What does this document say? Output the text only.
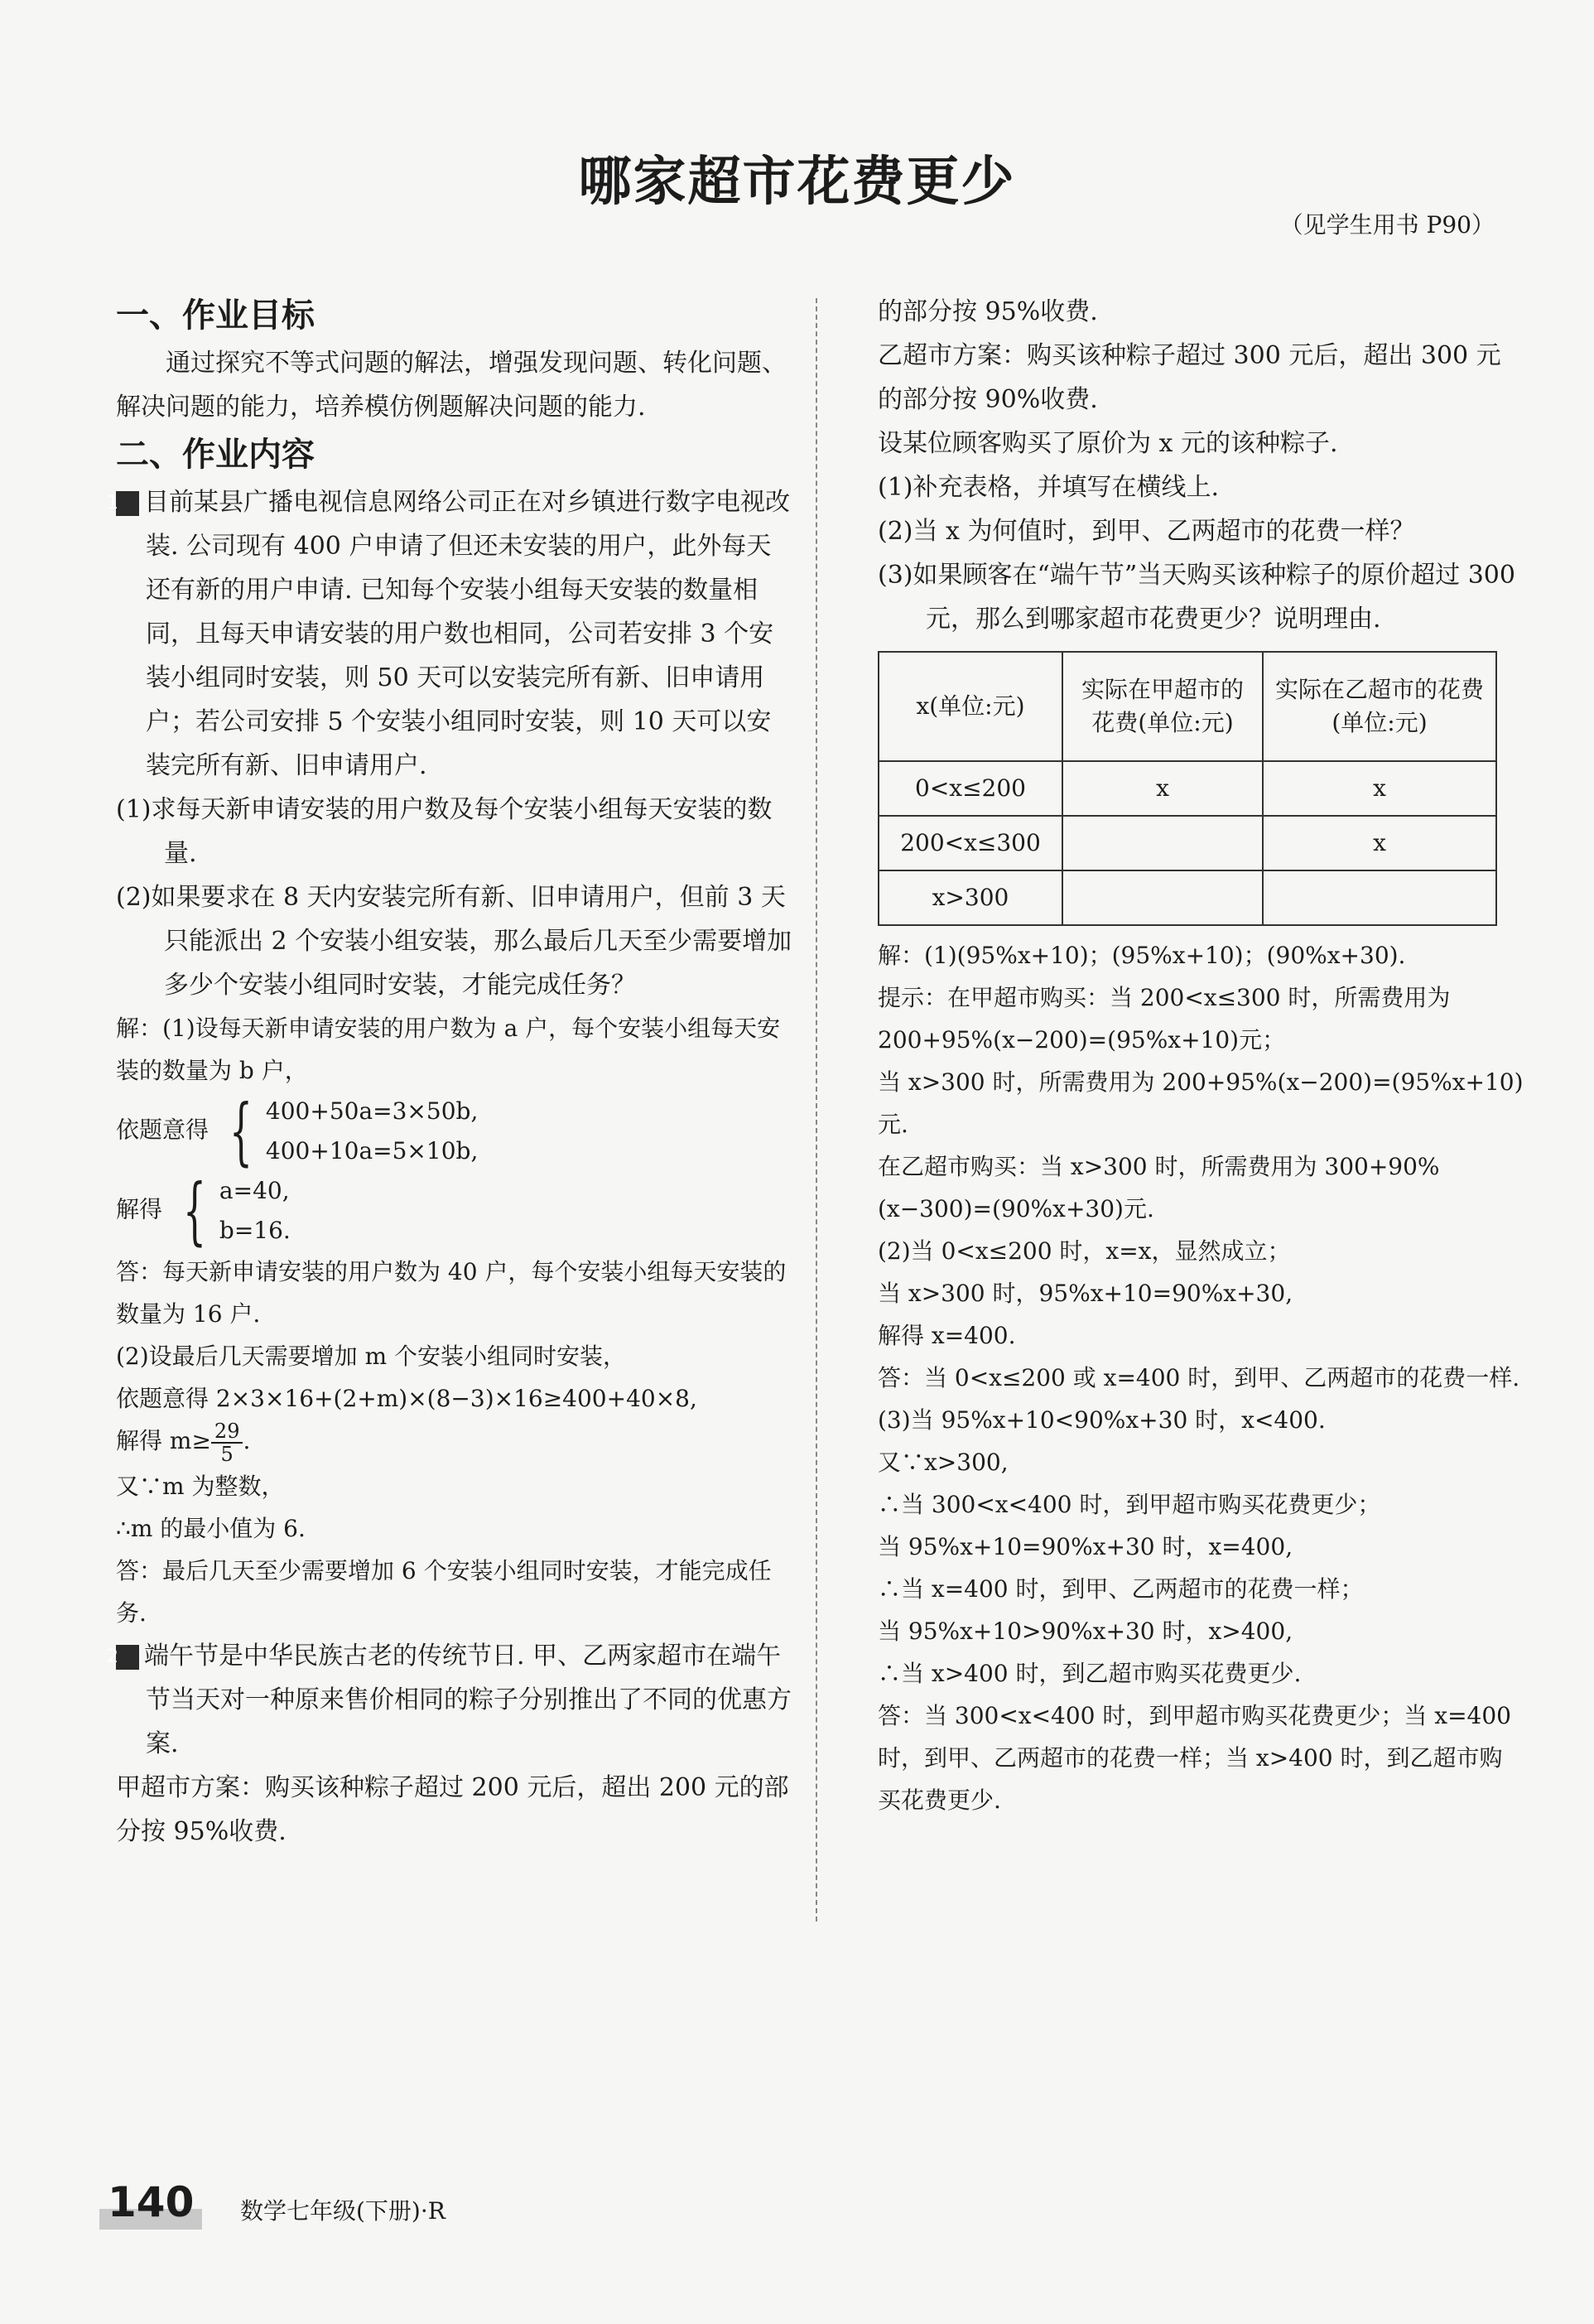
哪家超市花费更少
（见学生用书 P90）
一、作业目标

通过探究不等式问题的解法，增强发现问题、转化问题、解决问题的能力，培养模仿例题解决问题的能力.

二、作业内容

1 目前某县广播电视信息网络公司正在对乡镇进行数字电视改装. 公司现有 400 户申请了但还未安装的用户，此外每天还有新的用户申请. 已知每个安装小组每天安装的数量相同，且每天申请安装的用户数也相同，公司若安排 3 个安装小组同时安装，则 50 天可以安装完所有新、旧申请用户；若公司安排 5 个安装小组同时安装，则 10 天可以安装完所有新、旧申请用户.

(1)求每天新申请安装的用户数及每个安装小组每天安装的数量.

(2)如果要求在 8 天内安装完所有新、旧申请用户，但前 3 天只能派出 2 个安装小组安装，那么最后几天至少需要增加多少个安装小组同时安装，才能完成任务？

解：(1)设每天新申请安装的用户数为 a 户，每个安装小组每天安装的数量为 b 户，

依题意得 { 400+50a=3×50b,
400+10a=5×10b,
解得 { a=40,
b=16.

答：每天新申请安装的用户数为 40 户，每个安装小组每天安装的数量为 16 户.

(2)设最后几天需要增加 m 个安装小组同时安装，

依题意得 2×3×16+(2+m)×(8−3)×16≥400+40×8,

解得 $m\ge \frac{29}{5}$ .

又∵m 为整数，

∴m 的最小值为 6.

答：最后几天至少需要增加 6 个安装小组同时安装，才能完成任务.

2 端午节是中华民族古老的传统节日. 甲、乙两家超市在端午节当天对一种原来售价相同的粽子分别推出了不同的优惠方案.

甲超市方案：购买该种粽子超过 200 元后，超出 200 元的部分按 95%收费.

的部分按 95%收费.

乙超市方案：购买该种粽子超过 300 元后，超出 300 元的部分按 90%收费.

设某位顾客购买了原价为 x 元的该种粽子.

(1)补充表格，并填写在横线上.

(2)当 x 为何值时，到甲、乙两超市的花费一样？

(3)如果顾客在“端午节”当天购买该种粽子的原价超过 300 元，那么到哪家超市花费更少？说明理由.

x(单位:元)	实际在甲超市的花费(单位:元)	实际在乙超市的花费(单位:元)
0<x≤200	x	x
200<x≤300		x
x>300		

解：(1)(95%x+10)；(95%x+10)；(90%x+30).

提示：在甲超市购买：当 200<x≤300 时，所需费用为 200+95%(x−200)=(95%x+10)元；

当 x>300 时，所需费用为 200+95%(x−200)=(95%x+10)元.

在乙超市购买：当 x>300 时，所需费用为 300+90%(x−300)=(90%x+30)元.

(2)当 0<x≤200 时，x=x，显然成立；

当 x>300 时，95%x+10=90%x+30,

解得 x=400.

答：当 0<x≤200 或 x=400 时，到甲、乙两超市的花费一样.

(3)当 95%x+10<90%x+30 时，x<400.

又∵x>300,

∴当 300<x<400 时，到甲超市购买花费更少；

当 95%x+10=90%x+30 时，x=400,

∴当 x=400 时，到甲、乙两超市的花费一样；

当 95%x+10>90%x+30 时，x>400,

∴当 x>400 时，到乙超市购买花费更少.

答：当 300<x<400 时，到甲超市购买花费更少；当 x=400 时，到甲、乙两超市的花费一样；当 x>400 时，到乙超市购买花费更少.

140	数学七年级(下册)·R
